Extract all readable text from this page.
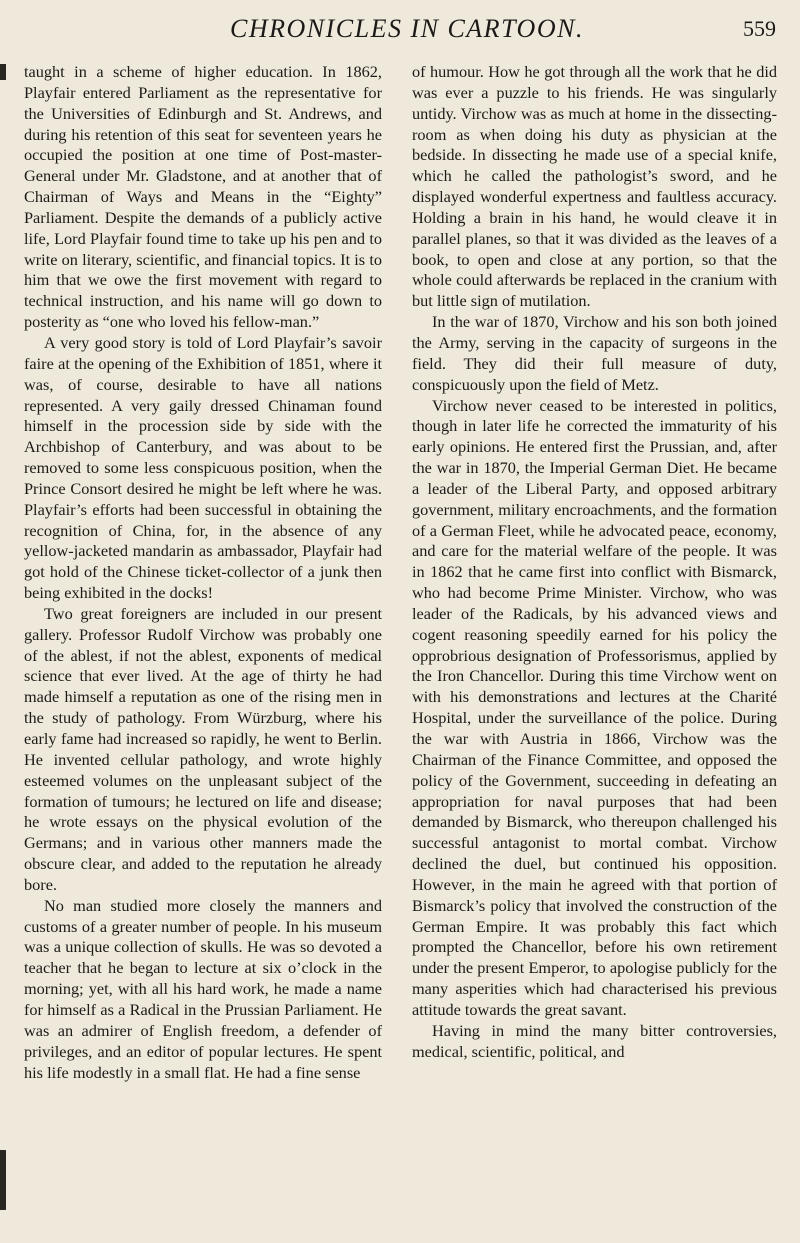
CHRONICLES IN CARTOON.	559

taught in a scheme of higher education. In 1862, Playfair entered Parliament as the representative for the Universities of Edinburgh and St. Andrews, and during his retention of this seat for seventeen years he occupied the position at one time of Post-master-General under Mr. Gladstone, and at another that of Chairman of Ways and Means in the “Eighty” Parliament. Despite the demands of a publicly active life, Lord Playfair found time to take up his pen and to write on literary, scientific, and financial topics. It is to him that we owe the first movement with regard to technical instruction, and his name will go down to posterity as “one who loved his fellow-man.”

A very good story is told of Lord Playfair’s savoir faire at the opening of the Exhibition of 1851, where it was, of course, desirable to have all nations represented. A very gaily dressed Chinaman found himself in the procession side by side with the Archbishop of Canterbury, and was about to be removed to some less conspicuous position, when the Prince Consort desired he might be left where he was. Playfair’s efforts had been successful in obtaining the recognition of China, for, in the absence of any yellow-jacketed mandarin as ambassador, Playfair had got hold of the Chinese ticket-collector of a junk then being exhibited in the docks!

Two great foreigners are included in our present gallery. Professor Rudolf Virchow was probably one of the ablest, if not the ablest, exponents of medical science that ever lived. At the age of thirty he had made himself a reputation as one of the rising men in the study of pathology. From Würzburg, where his early fame had increased so rapidly, he went to Berlin. He invented cellular pathology, and wrote highly esteemed volumes on the unpleasant subject of the formation of tumours; he lectured on life and disease; he wrote essays on the physical evolution of the Germans; and in various other manners made the obscure clear, and added to the reputation he already bore.

No man studied more closely the manners and customs of a greater number of people. In his museum was a unique collection of skulls. He was so devoted a teacher that he began to lecture at six o’clock in the morning; yet, with all his hard work, he made a name for himself as a Radical in the Prussian Parliament. He was an admirer of English freedom, a defender of privileges, and an editor of popular lectures. He spent his life modestly in a small flat. He had a fine sense

of humour. How he got through all the work that he did was ever a puzzle to his friends. He was singularly untidy. Virchow was as much at home in the dissecting-room as when doing his duty as physician at the bedside. In dissecting he made use of a special knife, which he called the pathologist’s sword, and he displayed wonderful expertness and faultless accuracy. Holding a brain in his hand, he would cleave it in parallel planes, so that it was divided as the leaves of a book, to open and close at any portion, so that the whole could afterwards be replaced in the cranium with but little sign of mutilation.

In the war of 1870, Virchow and his son both joined the Army, serving in the capacity of surgeons in the field. They did their full measure of duty, conspicuously upon the field of Metz.

Virchow never ceased to be interested in politics, though in later life he corrected the immaturity of his early opinions. He entered first the Prussian, and, after the war in 1870, the Imperial German Diet. He became a leader of the Liberal Party, and opposed arbitrary government, military encroachments, and the formation of a German Fleet, while he advocated peace, economy, and care for the material welfare of the people. It was in 1862 that he came first into conflict with Bismarck, who had become Prime Minister. Virchow, who was leader of the Radicals, by his advanced views and cogent reasoning speedily earned for his policy the opprobrious designation of Professorismus, applied by the Iron Chancellor. During this time Virchow went on with his demonstrations and lectures at the Charité Hospital, under the surveillance of the police. During the war with Austria in 1866, Virchow was the Chairman of the Finance Committee, and opposed the policy of the Government, succeeding in defeating an appropriation for naval purposes that had been demanded by Bismarck, who thereupon challenged his successful antagonist to mortal combat. Virchow declined the duel, but continued his opposition. However, in the main he agreed with that portion of Bismarck’s policy that involved the construction of the German Empire. It was probably this fact which prompted the Chancellor, before his own retirement under the present Emperor, to apologise publicly for the many asperities which had characterised his previous attitude towards the great savant.

Having in mind the many bitter controversies, medical, scientific, political, and
